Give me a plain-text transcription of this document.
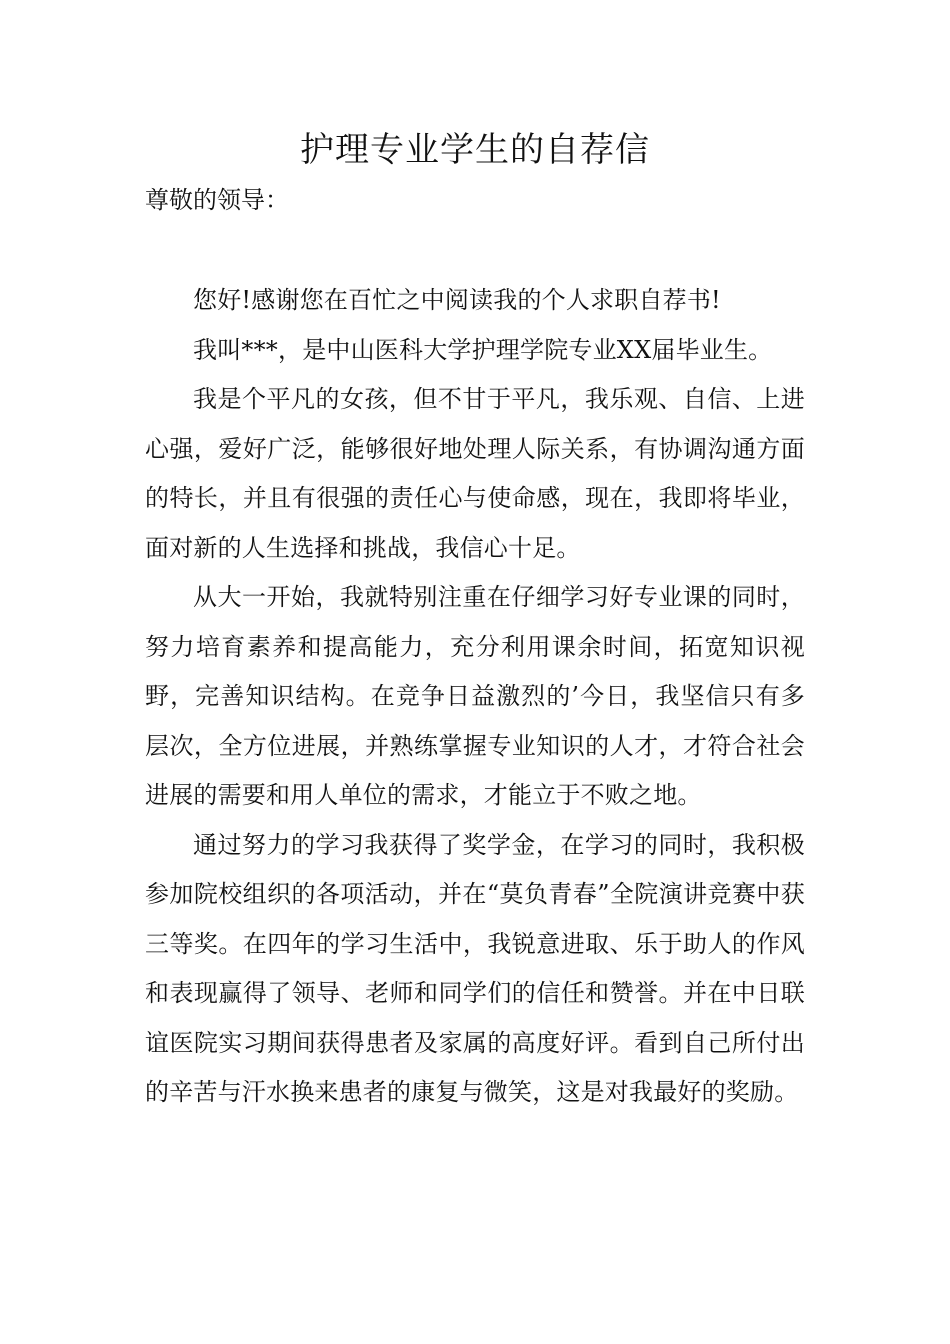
护理专业学生的自荐信

尊敬的领导：

您好!感谢您在百忙之中阅读我的个人求职自荐书!

我叫***，是中山医科大学护理学院专业XX届毕业生。

我是个平凡的女孩，但不甘于平凡，我乐观、自信、上进心强，爱好广泛，能够很好地处理人际关系，有协调沟通方面的特长，并且有很强的责任心与使命感，现在，我即将毕业，面对新的人生选择和挑战，我信心十足。

从大一开始，我就特别注重在仔细学习好专业课的同时，努力培育素养和提高能力，充分利用课余时间，拓宽知识视野，完善知识结构。在竞争日益激烈的’今日，我坚信只有多层次，全方位进展，并熟练掌握专业知识的人才，才符合社会进展的需要和用人单位的需求，才能立于不败之地。

通过努力的学习我获得了奖学金，在学习的同时，我积极参加院校组织的各项活动，并在“莫负青春”全院演讲竞赛中获三等奖。在四年的学习生活中，我锐意进取、乐于助人的作风和表现赢得了领导、老师和同学们的信任和赞誉。并在中日联谊医院实习期间获得患者及家属的高度好评。看到自己所付出的辛苦与汗水换来患者的康复与微笑，这是对我最好的奖励。
